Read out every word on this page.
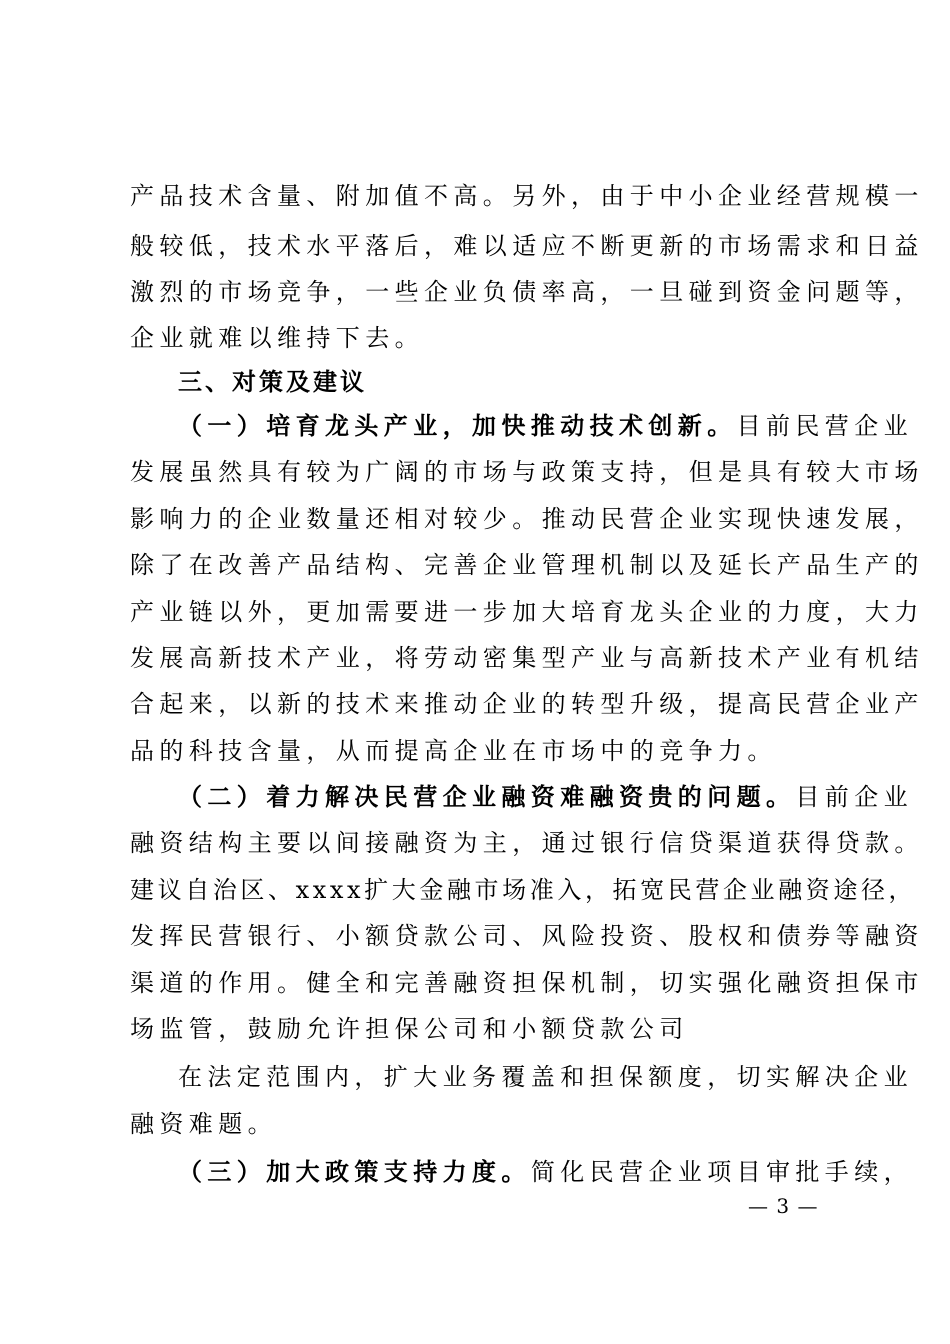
产品技术含量、附加值不高。另外，由于中小企业经营规模一
般较低，技术水平落后，难以适应不断更新的市场需求和日益
激烈的市场竞争，一些企业负债率高，一旦碰到资金问题等，
企业就难以维持下去。
三、对策及建议
（一）培育龙头产业，加快推动技术创新。目前民营企业
发展虽然具有较为广阔的市场与政策支持，但是具有较大市场
影响力的企业数量还相对较少。推动民营企业实现快速发展，
除了在改善产品结构、完善企业管理机制以及延长产品生产的
产业链以外，更加需要进一步加大培育龙头企业的力度，大力
发展高新技术产业，将劳动密集型产业与高新技术产业有机结
合起来，以新的技术来推动企业的转型升级，提高民营企业产
品的科技含量，从而提高企业在市场中的竞争力。
（二）着力解决民营企业融资难融资贵的问题。目前企业
融资结构主要以间接融资为主，通过银行信贷渠道获得贷款。
建议自治区、xxxx扩大金融市场准入，拓宽民营企业融资途径，
发挥民营银行、小额贷款公司、风险投资、股权和债券等融资
渠道的作用。健全和完善融资担保机制，切实强化融资担保市
场监管，鼓励允许担保公司和小额贷款公司
在法定范围内，扩大业务覆盖和担保额度，切实解决企业
融资难题。
（三）加大政策支持力度。简化民营企业项目审批手续，
— 3 —
